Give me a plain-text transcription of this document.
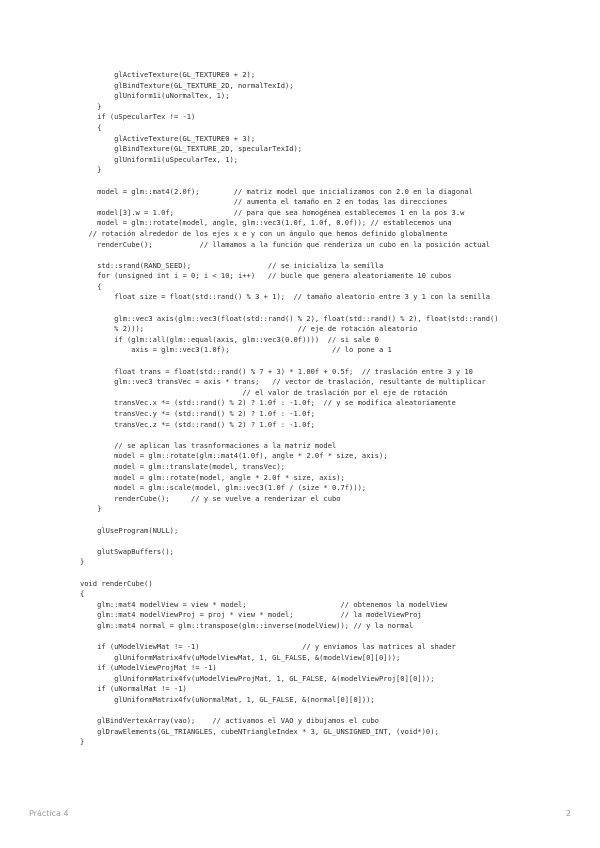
glActiveTexture(GL_TEXTURE0 + 2);
glBindTexture(GL_TEXTURE_2D, normalTexId);
glUniform1i(uNormalTex, 1);
}
if (uSpecularTex != -1)
{
glActiveTexture(GL_TEXTURE0 + 3);
glBindTexture(GL_TEXTURE_2D, specularTexId);
glUniform1i(uSpecularTex, 1);
}
model = glm::mat4(2.0f);        // matriz model que inicializamos con 2.0 en la diagonal
// aumenta el tamaño en 2 en todas las direcciones
model[3].w = 1.0f;              // para que sea homogénea establecemos 1 en la pos 3.w
model = glm::rotate(model, angle, glm::vec3(1.0f, 1.0f, 0.0f)); // establecemos una
// rotación alrededor de los ejes x e y con un ángulo que hemos definido globalmente
renderCube();           // llamamos a la función que renderiza un cubo en la posición actual
std::srand(RAND_SEED);                  // se inicializa la semilla
for (unsigned int i = 0; i < 10; i++)   // bucle que genera aleatoriamente 10 cubos
{
float size = float(std::rand() % 3 + 1);  // tamaño aleatorio entre 3 y 1 con la semilla
glm::vec3 axis(glm::vec3(float(std::rand() % 2), float(std::rand() % 2), float(std::rand()
% 2)));                                    // eje de rotación aleatorio
if (glm::all(glm::equal(axis, glm::vec3(0.0f))))  // si sale 0
axis = glm::vec3(1.0f);                        // lo pone a 1
float trans = float(std::rand() % 7 + 3) * 1.00f + 0.5f;  // traslación entre 3 y 10
glm::vec3 transVec = axis * trans;   // vector de traslación, resultante de multiplicar
// el valor de traslación por el eje de rotación
transVec.x *= (std::rand() % 2) ? 1.0f : -1.0f;  // y se modifica aleatoriamente
transVec.y *= (std::rand() % 2) ? 1.0f : -1.0f;
transVec.z *= (std::rand() % 2) ? 1.0f : -1.0f;
// se aplican las trasnformaciones a la matriz model
model = glm::rotate(glm::mat4(1.0f), angle * 2.0f * size, axis);
model = glm::translate(model, transVec);
model = glm::rotate(model, angle * 2.0f * size, axis);
model = glm::scale(model, glm::vec3(1.0f / (size * 0.7f)));
renderCube();     // y se vuelve a renderizar el cubo
}
glUseProgram(NULL);
glutSwapBuffers();
}
void renderCube()
{
glm::mat4 modelView = view * model;                      // obtenemos la modelView
glm::mat4 modelViewProj = proj * view * model;           // la modelViewProj
glm::mat4 normal = glm::transpose(glm::inverse(modelView)); // y la normal
if (uModelViewMat != -1)                        // y enviamos las matrices al shader
glUniformMatrix4fv(uModelViewMat, 1, GL_FALSE, &(modelView[0][0]));
if (uModelViewProjMat != -1)
glUniformMatrix4fv(uModelViewProjMat, 1, GL_FALSE, &(modelViewProj[0][0]));
if (uNormalMat != -1)
glUniformMatrix4fv(uNormalMat, 1, GL_FALSE, &(normal[0][0]));
glBindVertexArray(vao);    // activamos el VAO y dibujamos el cubo
glDrawElements(GL_TRIANGLES, cubeNTriangleIndex * 3, GL_UNSIGNED_INT, (void*)0);
}
Práctica 4	2
